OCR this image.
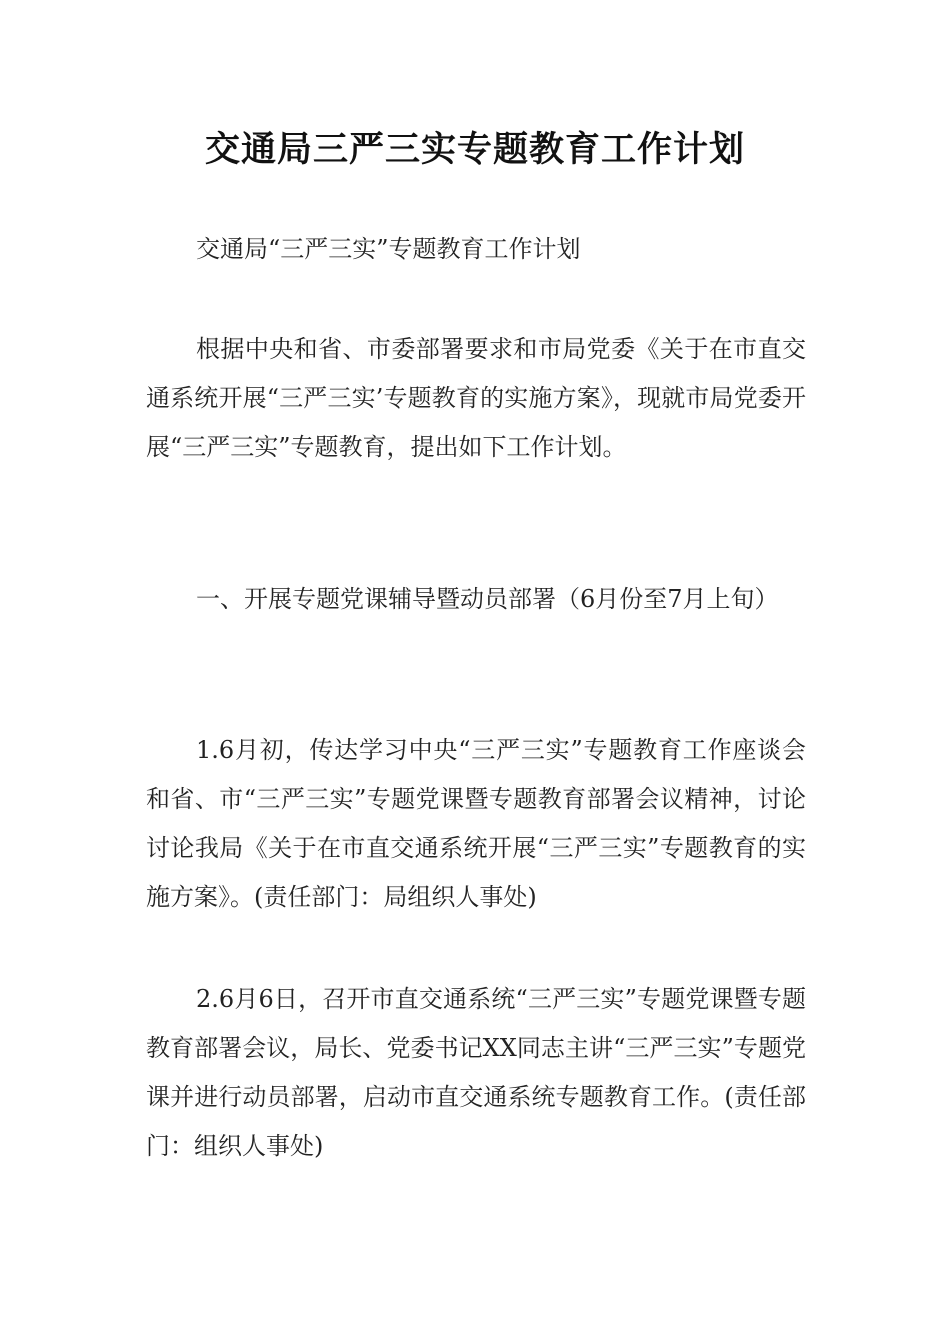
交通局三严三实专题教育工作计划
交通局“三严三实”专题教育工作计划
根据中央和省、市委部署要求和市局党委《关于在市直交通系统开展“三严三实’专题教育的实施方案》，现就市局党委开展“三严三实”专题教育，提出如下工作计划。
一、开展专题党课辅导暨动员部署（6月份至7月上旬）
1.6月初，传达学习中央“三严三实”专题教育工作座谈会和省、市“三严三实”专题党课暨专题教育部署会议精神，讨论讨论我局《关于在市直交通系统开展“三严三实”专题教育的实施方案》。(责任部门：局组织人事处)
2.6月6日，召开市直交通系统“三严三实”专题党课暨专题教育部署会议，局长、党委书记XX同志主讲“三严三实”专题党课并进行动员部署，启动市直交通系统专题教育工作。(责任部门：组织人事处)
